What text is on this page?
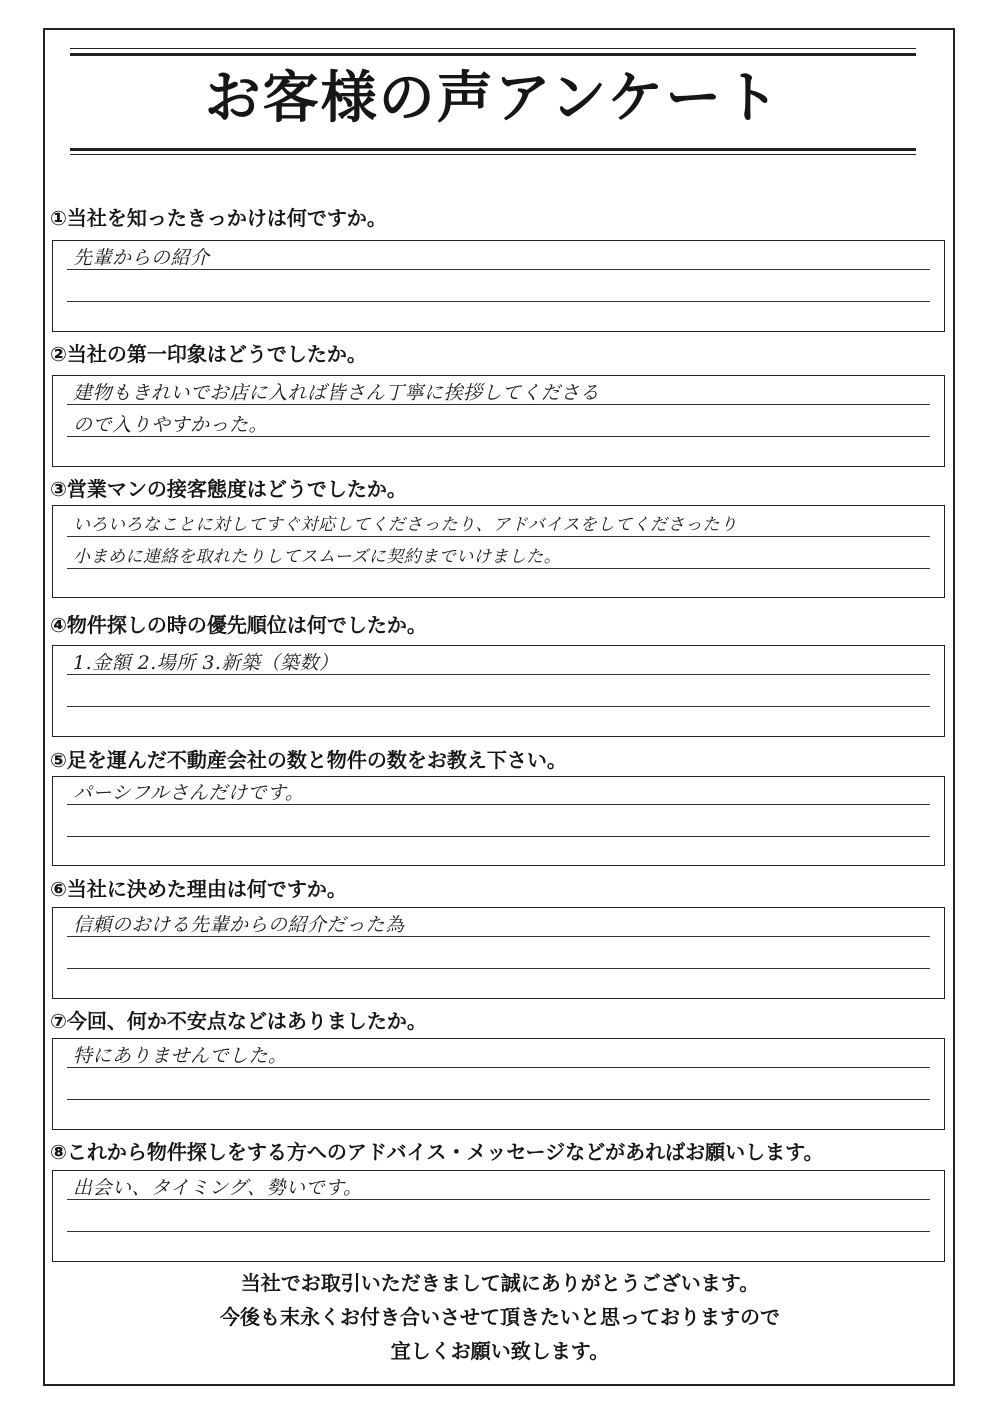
お客様の声アンケート
①当社を知ったきっかけは何ですか。
先輩からの紹介
②当社の第一印象はどうでしたか。
建物もきれいでお店に入れば皆さん丁寧に挨拶してくださる
ので入りやすかった。
③営業マンの接客態度はどうでしたか。
いろいろなことに対してすぐ対応してくださったり、アドバイスをしてくださったり
小まめに連絡を取れたりしてスムーズに契約までいけました。
④物件探しの時の優先順位は何でしたか。
1.金額 2.場所 3.新築（築数）
⑤足を運んだ不動産会社の数と物件の数をお教え下さい。
パーシフルさんだけです。
⑥当社に決めた理由は何ですか。
信頼のおける先輩からの紹介だった為
⑦今回、何か不安点などはありましたか。
特にありませんでした。
⑧これから物件探しをする方へのアドバイス・メッセージなどがあればお願いします。
出会い、タイミング、勢いです。
当社でお取引いただきまして誠にありがとうございます。
今後も末永くお付き合いさせて頂きたいと思っておりますので
宜しくお願い致します。
